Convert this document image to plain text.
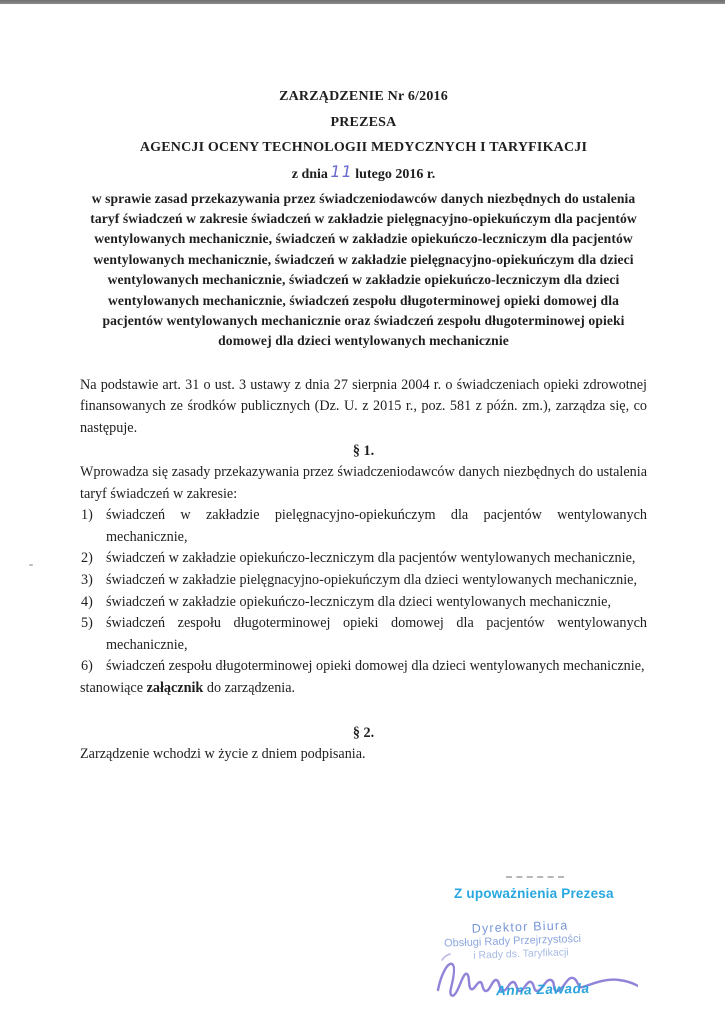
ZARZĄDZENIE Nr 6/2016
PREZESA
AGENCJI OCENY TECHNOLOGII MEDYCZNYCH I TARYFIKACJI
z dnia11lutego 2016 r.
w sprawie zasad przekazywania przez świadczeniodawców danych niezbędnych do ustalenia taryf świadczeń w zakresie świadczeń w zakładzie pielęgnacyjno-opiekuńczym dla pacjentów wentylowanych mechanicznie, świadczeń w zakładzie opiekuńczo-leczniczym dla pacjentów wentylowanych mechanicznie, świadczeń w zakładzie pielęgnacyjno-opiekuńczym dla dzieci wentylowanych mechanicznie, świadczeń w zakładzie opiekuńczo-leczniczym dla dzieci wentylowanych mechanicznie, świadczeń zespołu długoterminowej opieki domowej dla pacjentów wentylowanych mechanicznie oraz świadczeń zespołu długoterminowej opieki domowej dla dzieci wentylowanych mechanicznie
Na podstawie art. 31 o ust. 3 ustawy z dnia 27 sierpnia 2004 r. o świadczeniach opieki zdrowotnej finansowanych ze środków publicznych (Dz. U. z 2015 r., poz. 581 z późn. zm.), zarządza się, co następuje.
§ 1.
Wprowadza się zasady przekazywania przez świadczeniodawców danych niezbędnych do ustalenia taryf świadczeń w zakresie:
1) świadczeń w zakładzie pielęgnacyjno-opiekuńczym dla pacjentów wentylowanych mechanicznie,
2) świadczeń w zakładzie opiekuńczo-leczniczym dla pacjentów wentylowanych mechanicznie,
3) świadczeń w zakładzie pielęgnacyjno-opiekuńczym dla dzieci wentylowanych mechanicznie,
4) świadczeń w zakładzie opiekuńczo-leczniczym dla dzieci wentylowanych mechanicznie,
5) świadczeń zespołu długoterminowej opieki domowej dla pacjentów wentylowanych mechanicznie,
6) świadczeń zespołu długoterminowej opieki domowej dla dzieci wentylowanych mechanicznie,
stanowiące załącznik do zarządzenia.
§ 2.
Zarządzenie wchodzi w życie z dniem podpisania.
Z upoważnienia Prezesa
Dyrektor Biura
Obsługi Rady Przejrzystości
i Rady ds. Taryfikacji
Anna Zawada
